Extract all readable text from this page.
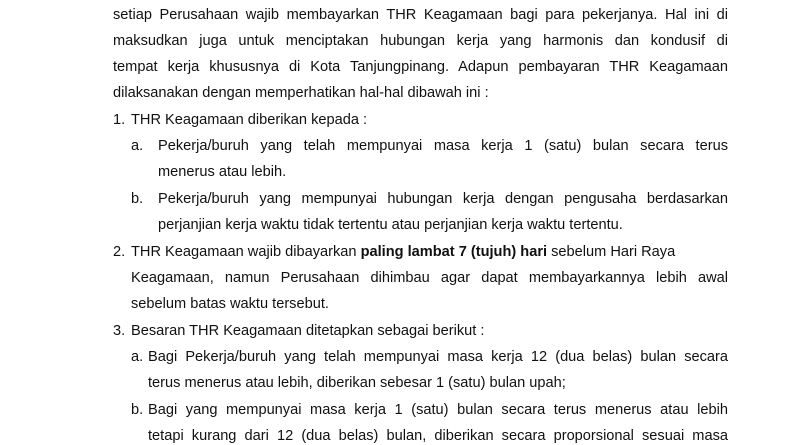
setiap Perusahaan wajib membayarkan THR Keagamaan bagi para pekerjanya. Hal ini di
maksudkan juga untuk menciptakan hubungan kerja yang harmonis dan kondusif di
tempat kerja khususnya di Kota Tanjungpinang. Adapun pembayaran THR Keagamaan
dilaksanakan dengan memperhatikan hal-hal dibawah ini :
1. THR Keagamaan diberikan kepada :
a. Pekerja/buruh yang telah mempunyai masa kerja 1 (satu) bulan secara terus
menerus atau lebih.
b. Pekerja/buruh yang mempunyai hubungan kerja dengan pengusaha berdasarkan
perjanjian kerja waktu tidak tertentu atau perjanjian kerja waktu tertentu.
2. THR Keagamaan wajib dibayarkan paling lambat 7 (tujuh) hari sebelum Hari Raya
Keagamaan, namun Perusahaan dihimbau agar dapat membayarkannya lebih awal
sebelum batas waktu tersebut.
3. Besaran THR Keagamaan ditetapkan sebagai berikut :
a. Bagi Pekerja/buruh yang telah mempunyai masa kerja 12 (dua belas) bulan secara
terus menerus atau lebih, diberikan sebesar 1 (satu) bulan upah;
b. Bagi yang mempunyai masa kerja 1 (satu) bulan secara terus menerus atau lebih
tetapi kurang dari 12 (dua belas) bulan, diberikan secara proporsional sesuai masa
